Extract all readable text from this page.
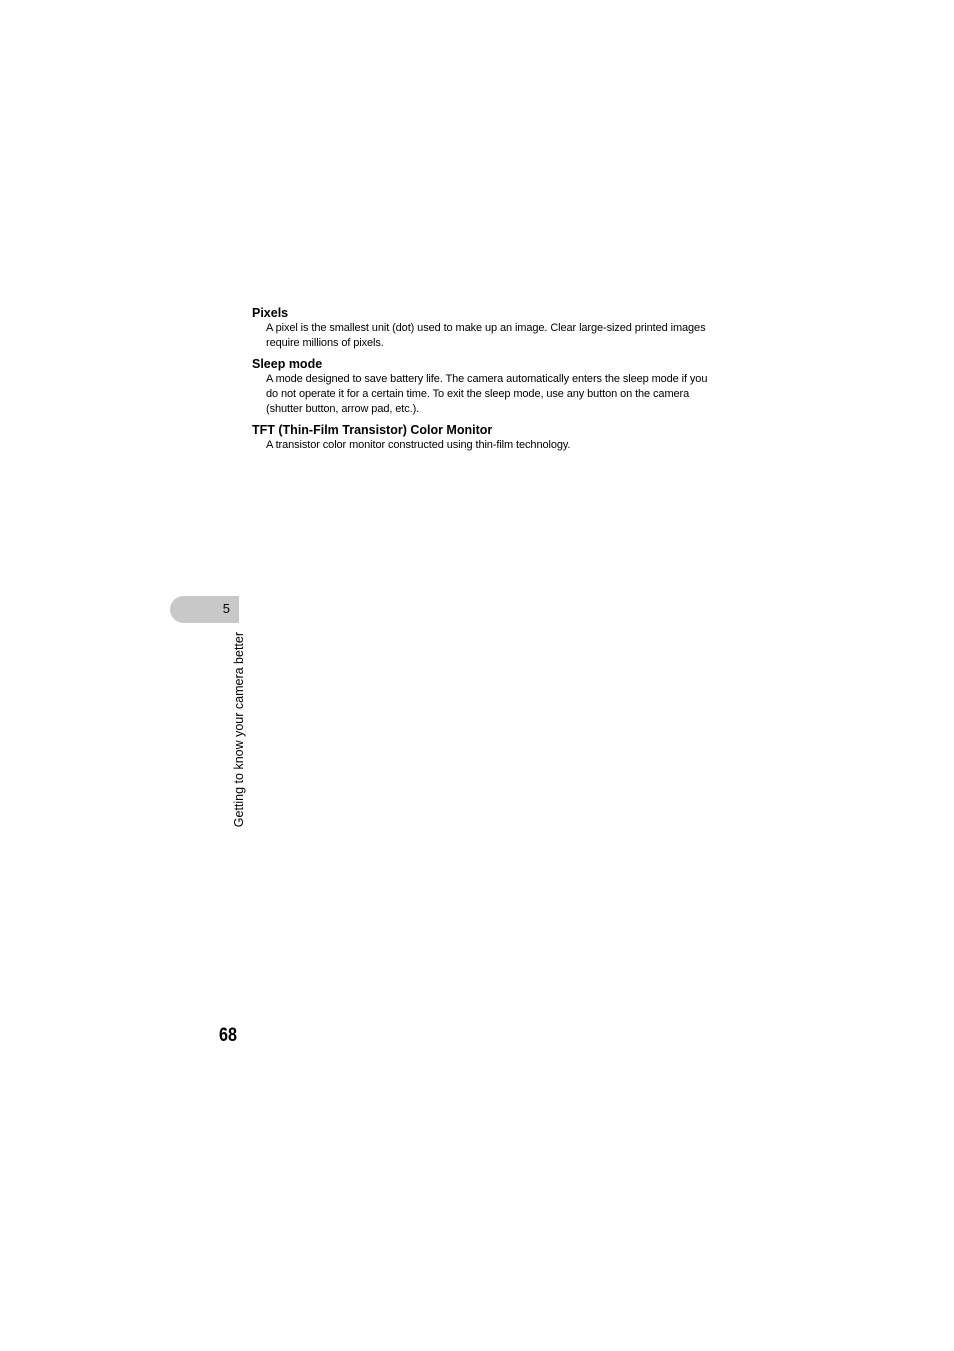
Pixels

A pixel is the smallest unit (dot) used to make up an image. Clear large-sized printed images require millions of pixels.

Sleep mode

A mode designed to save battery life. The camera automatically enters the sleep mode if you do not operate it for a certain time. To exit the sleep mode, use any button on the camera (shutter button, arrow pad, etc.).

TFT (Thin-Film Transistor) Color Monitor

A transistor color monitor constructed using thin-film technology.

5
Getting to know your camera better
68
